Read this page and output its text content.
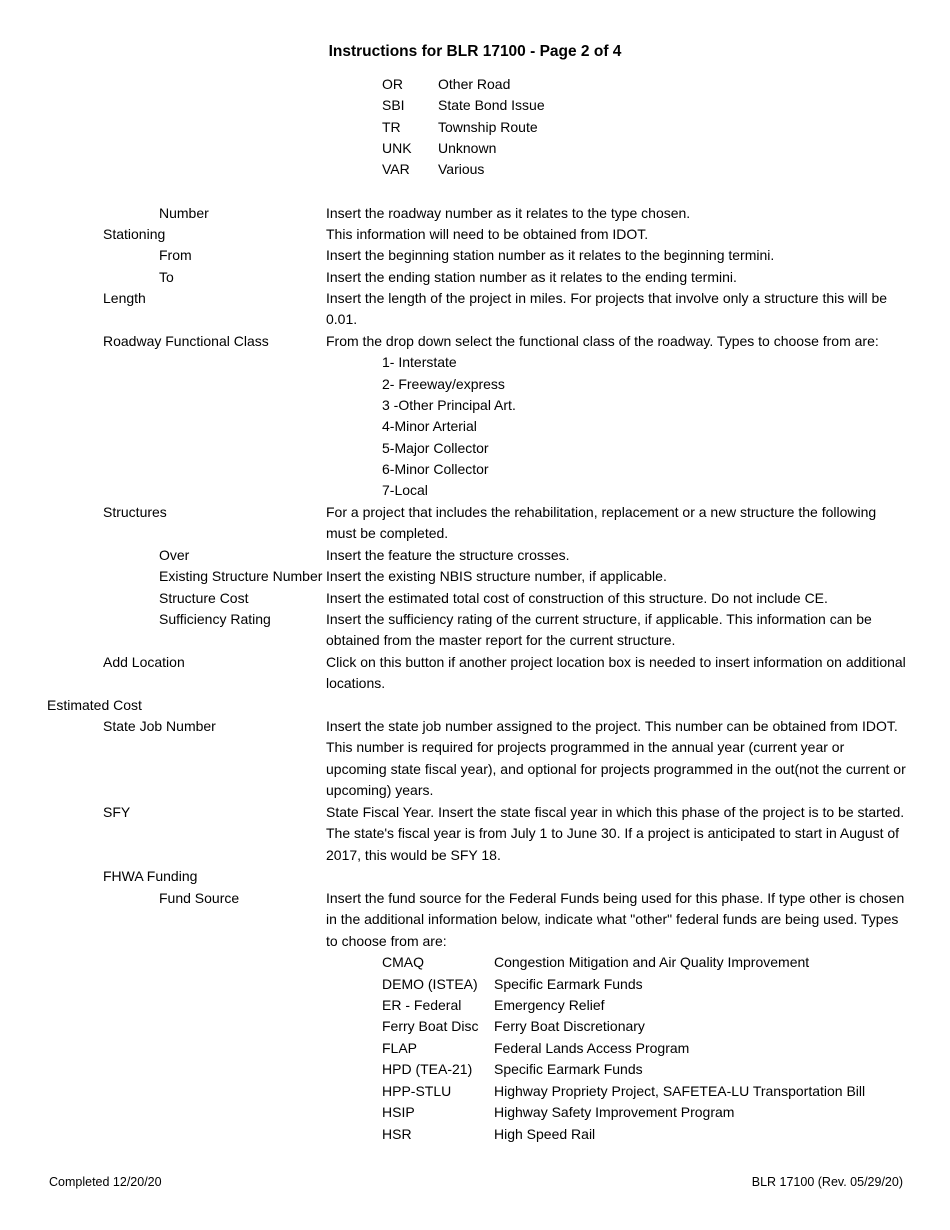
Instructions for BLR 17100 - Page 2 of 4
OR	Other Road
SBI State Bond Issue
TR	Township Route
UNK Unknown
VAR Various
Number	Insert the roadway number as it relates to the type chosen.
Stationing	This information will need to be obtained from IDOT.
From	Insert the beginning station number as it relates to the beginning termini.
To	Insert the ending station number as it relates to the ending termini.
Length	Insert the length of the project in miles. For projects that involve only a structure this will be 0.01.
Roadway Functional Class	From the drop down select the functional class of the roadway. Types to choose from are:
1- Interstate
2- Freeway/express
3 -Other Principal Art.
4-Minor Arterial
5-Major Collector
6-Minor Collector
7-Local
Structures	For a project that includes the rehabilitation, replacement or a new structure the following must be completed.
Over	Insert the feature the structure crosses.
Existing Structure Number Insert the existing NBIS structure number, if applicable.
Structure Cost	Insert the estimated total cost of construction of this structure. Do not include CE.
Sufficiency Rating	Insert the sufficiency rating of the current structure, if applicable. This information can be obtained from the master report for the current structure.
Add Location	Click on this button if another project location box is needed to insert information on additional locations.
Estimated Cost
State Job Number	Insert the state job number assigned to the project. This number can be obtained from IDOT. This number is required for projects programmed in the annual year (current year or upcoming state fiscal year), and optional for projects programmed in the out(not the current or upcoming) years.
SFY	State Fiscal Year. Insert the state fiscal year in which this phase of the project is to be started. The state's fiscal year is from July 1 to June 30. If a project is anticipated to start in August of 2017, this would be SFY 18.
FHWA Funding
Fund Source	Insert the fund source for the Federal Funds being used for this phase. If type other is chosen in the additional information below, indicate what "other" federal funds are being used. Types to choose from are:
CMAQ	Congestion Mitigation and Air Quality Improvement
DEMO (ISTEA) Specific Earmark Funds
ER - Federal Emergency Relief
Ferry Boat Disc Ferry Boat Discretionary
FLAP	Federal Lands Access Program
HPD (TEA-21) Specific Earmark Funds
HPP-STLU	Highway Propriety Project, SAFETEA-LU Transportation Bill
HSIP	Highway Safety Improvement Program
HSR	High Speed Rail
Completed 12/20/20	BLR 17100 (Rev. 05/29/20)
